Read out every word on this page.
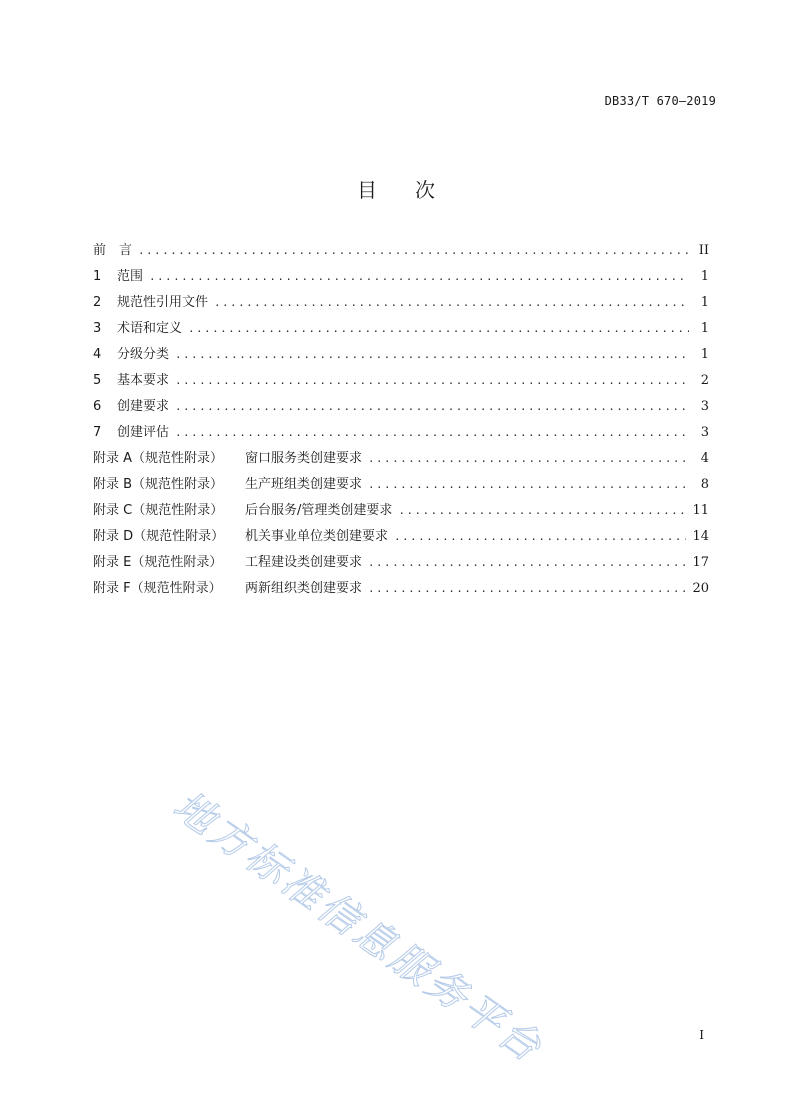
DB33/T 670—2019
目次
前　言 .....	II
1 范围 .....	1
2 规范性引用文件 .....	1
3 术语和定义 .....	1
4 分级分类 .....	1
5 基本要求 .....	2
6 创建要求 .....	3
7 创建评估 .....	3
附录 A（规范性附录） 窗口服务类创建要求 .....	4
附录 B（规范性附录） 生产班组类创建要求 .....	8
附录 C（规范性附录） 后台服务/管理类创建要求 .....	11
附录 D（规范性附录） 机关事业单位类创建要求 .....	14
附录 E（规范性附录） 工程建设类创建要求 .....	17
附录 F（规范性附录） 两新组织类创建要求 .....	20
地方标准信息服务平台	I
